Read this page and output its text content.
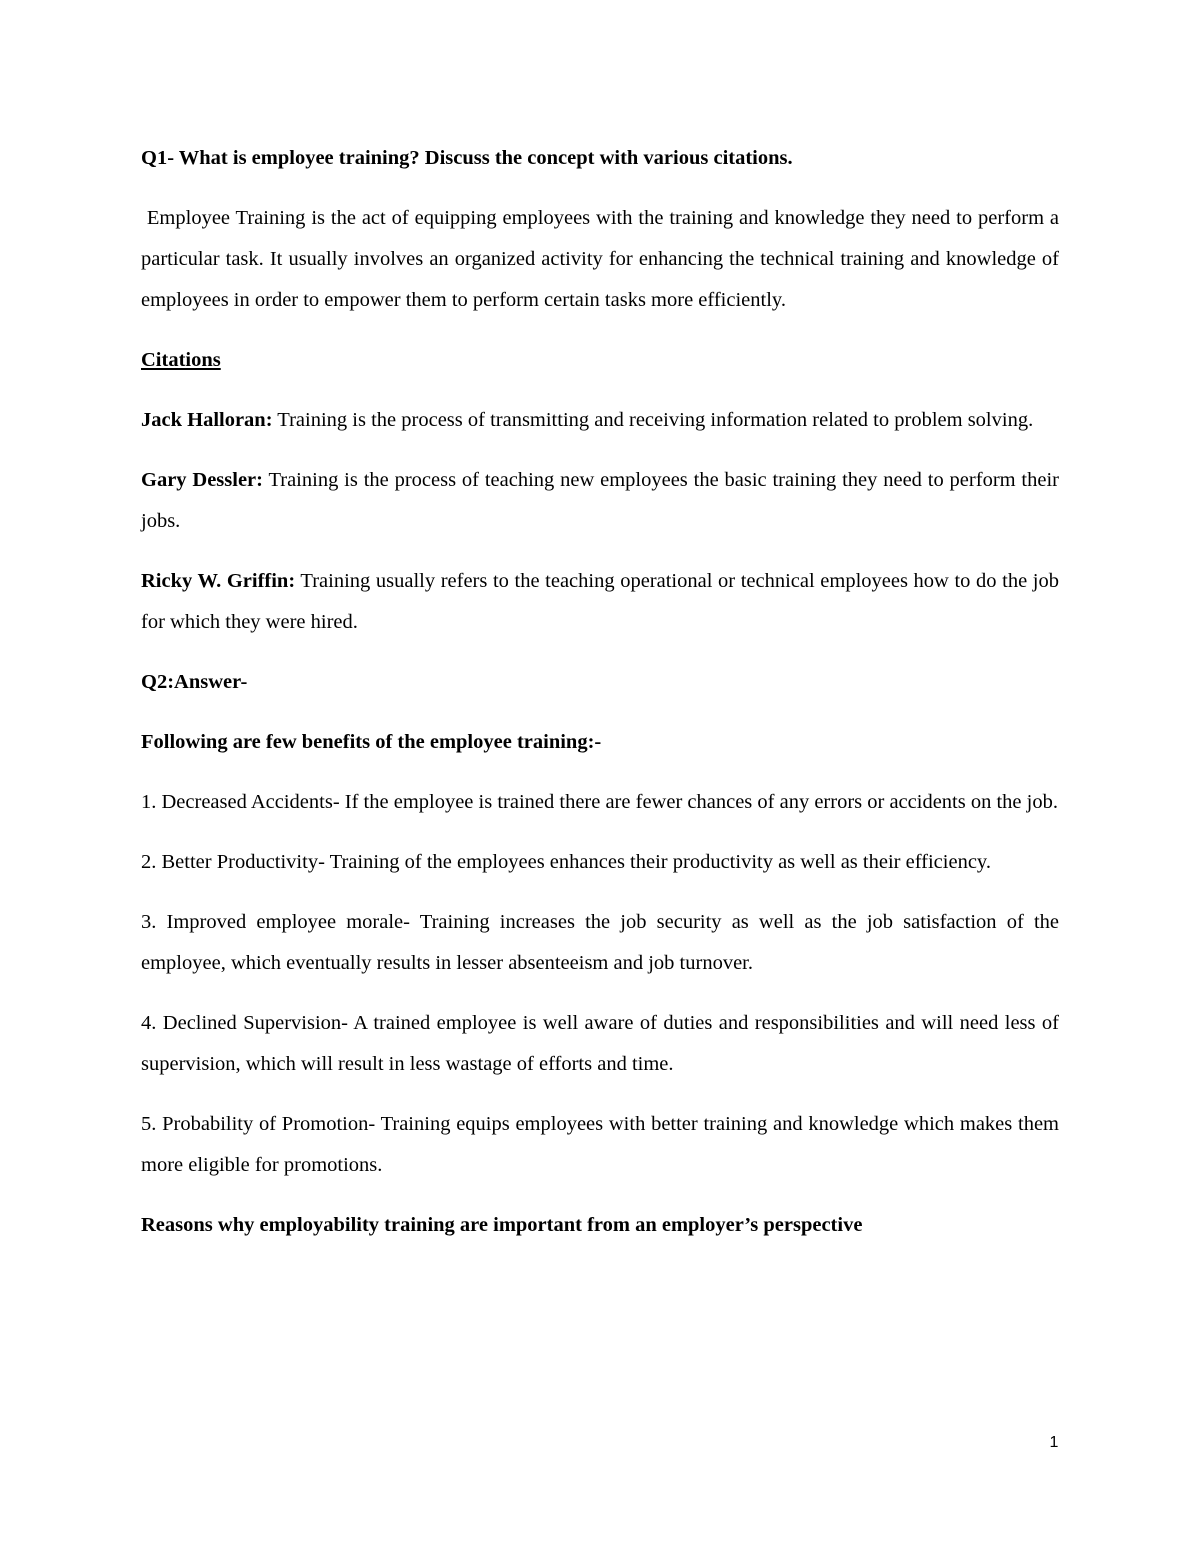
Q1- What is employee training? Discuss the concept with various citations.

Employee Training is the act of equipping employees with the training and knowledge they need to perform a particular task. It usually involves an organized activity for enhancing the technical training and knowledge of employees in order to empower them to perform certain tasks more efficiently.

Citations

Jack Halloran: Training is the process of transmitting and receiving information related to problem solving.

Gary Dessler: Training is the process of teaching new employees the basic training they need to perform their jobs.

Ricky W. Griffin: Training usually refers to the teaching operational or technical employees how to do the job for which they were hired.

Q2:Answer-

Following are few benefits of the employee training:-

1. Decreased Accidents- If the employee is trained there are fewer chances of any errors or accidents on the job.

2. Better Productivity- Training of the employees enhances their productivity as well as their efficiency.

3. Improved employee morale- Training increases the job security as well as the job satisfaction of the employee, which eventually results in lesser absenteeism and job turnover.

4. Declined Supervision- A trained employee is well aware of duties and responsibilities and will need less of supervision, which will result in less wastage of efforts and time.

5. Probability of Promotion- Training equips employees with better training and knowledge which makes them more eligible for promotions.

Reasons why employability training are important from an employer’s perspective

1
